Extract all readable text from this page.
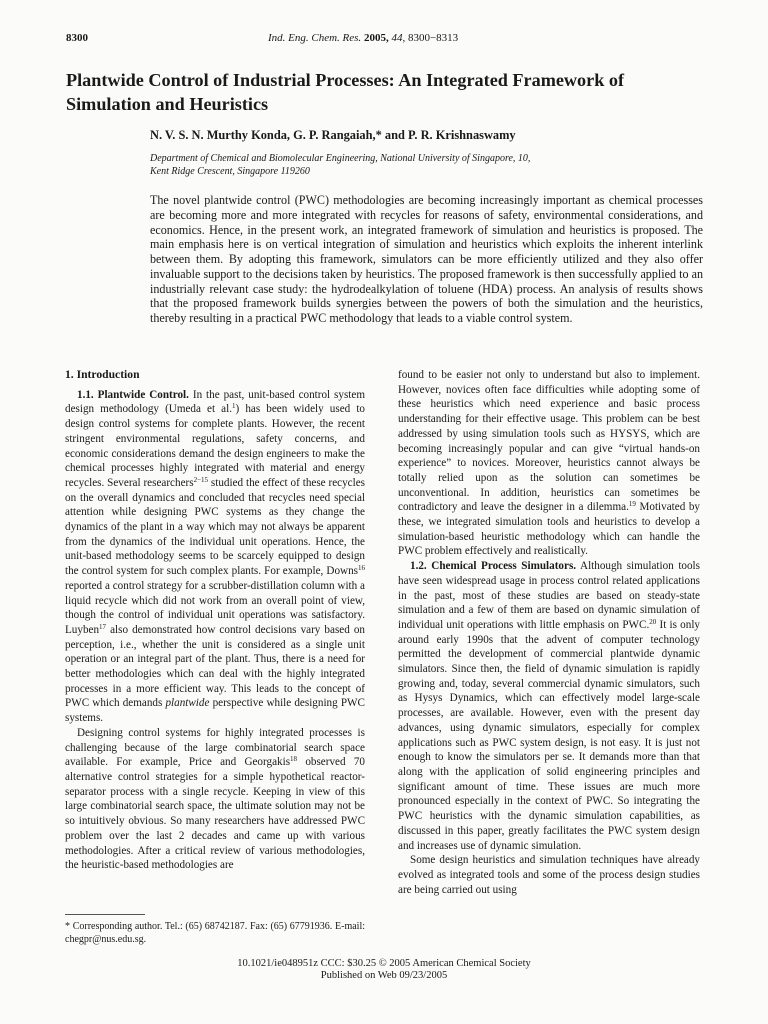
8300	Ind. Eng. Chem. Res. 2005, 44, 8300−8313
Plantwide Control of Industrial Processes: An Integrated Framework of Simulation and Heuristics
N. V. S. N. Murthy Konda, G. P. Rangaiah,* and P. R. Krishnaswamy
Department of Chemical and Biomolecular Engineering, National University of Singapore, 10,
Kent Ridge Crescent, Singapore 119260
The novel plantwide control (PWC) methodologies are becoming increasingly important as chemical processes are becoming more and more integrated with recycles for reasons of safety, environmental considerations, and economics. Hence, in the present work, an integrated framework of simulation and heuristics is proposed. The main emphasis here is on vertical integration of simulation and heuristics which exploits the inherent interlink between them. By adopting this framework, simulators can be more efficiently utilized and they also offer invaluable support to the decisions taken by heuristics. The proposed framework is then successfully applied to an industrially relevant case study: the hydrodealkylation of toluene (HDA) process. An analysis of results shows that the proposed framework builds synergies between the powers of both the simulation and the heuristics, thereby resulting in a practical PWC methodology that leads to a viable control system.
1. Introduction

1.1. Plantwide Control. In the past, unit-based control system design methodology (Umeda et al.$^1$) has been widely used to design control systems for complete plants. However, the recent stringent environmental regulations, safety concerns, and economic considerations demand the design engineers to make the chemical processes highly integrated with material and energy recycles. Several researchers$^{2-15}$ studied the effect of these recycles on the overall dynamics and concluded that recycles need special attention while designing PWC systems as they change the dynamics of the plant in a way which may not always be apparent from the dynamics of the individual unit operations. Hence, the unit-based methodology seems to be scarcely equipped to design the control system for such complex plants. For example, Downs$^{16}$ reported a control strategy for a scrubber-distillation column with a liquid recycle which did not work from an overall point of view, though the control of individual unit operations was satisfactory. Luyben$^{17}$ also demonstrated how control decisions vary based on perception, i.e., whether the unit is considered as a single unit operation or an integral part of the plant. Thus, there is a need for better methodologies which can deal with the highly integrated processes in a more efficient way. This leads to the concept of PWC which demands plantwide perspective while designing PWC systems.

Designing control systems for highly integrated processes is challenging because of the large combinatorial search space available. For example, Price and Georgakis$^{18}$ observed 70 alternative control strategies for a simple hypothetical reactor-separator process with a single recycle. Keeping in view of this large combinatorial search space, the ultimate solution may not be so intuitively obvious. So many researchers have addressed PWC problem over the last 2 decades and came up with various methodologies. After a critical review of various methodologies, the heuristic-based methodologies are

* Corresponding author. Tel.: (65) 68742187. Fax: (65) 67791936. E-mail: chegpr@nus.edu.sg.

found to be easier not only to understand but also to implement. However, novices often face difficulties while adopting some of these heuristics which need experience and basic process understanding for their effective usage. This problem can be best addressed by using simulation tools such as HYSYS, which are becoming increasingly popular and can give “virtual hands-on experience” to novices. Moreover, heuristics cannot always be totally relied upon as the solution can sometimes be unconventional. In addition, heuristics can sometimes be contradictory and leave the designer in a dilemma.$^{19}$ Motivated by these, we integrated simulation tools and heuristics to develop a simulation-based heuristic methodology which can handle the PWC problem effectively and realistically.

1.2. Chemical Process Simulators. Although simulation tools have seen widespread usage in process control related applications in the past, most of these studies are based on steady-state simulation and a few of them are based on dynamic simulation of individual unit operations with little emphasis on PWC.$^{20}$ It is only around early 1990s that the advent of computer technology permitted the development of commercial plantwide dynamic simulators. Since then, the field of dynamic simulation is rapidly growing and, today, several commercial dynamic simulators, such as Hysys Dynamics, which can effectively model large-scale processes, are available. However, even with the present day advances, using dynamic simulators, especially for complex applications such as PWC system design, is not easy. It is just not enough to know the simulators per se. It demands more than that along with the application of solid engineering principles and significant amount of time. These issues are much more pronounced especially in the context of PWC. So integrating the PWC heuristics with the dynamic simulation capabilities, as discussed in this paper, greatly facilitates the PWC system design and increases use of dynamic simulation.

Some design heuristics and simulation techniques have already evolved as integrated tools and some of the process design studies are being carried out using

10.1021/ie048951z CCC: $30.25 © 2005 American Chemical Society
Published on Web 09/23/2005
